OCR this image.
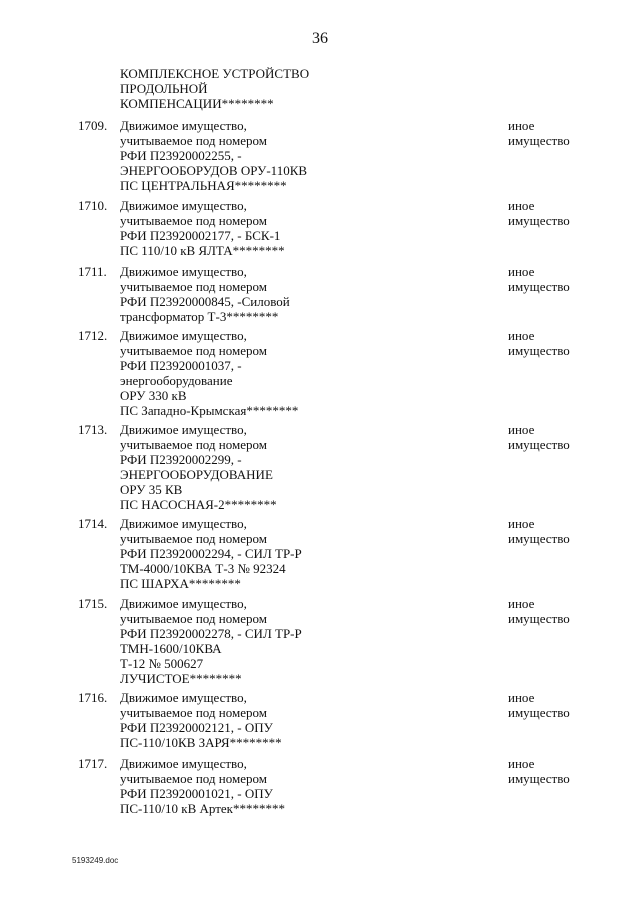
36
КОМПЛЕКСНОЕ УСТРОЙСТВО
ПРОДОЛЬНОЙ
КОМПЕНСАЦИИ********
1709. Движимое имущество,
учитываемое под номером
РФИ П23920002255, -
ЭНЕРГООБОРУДОВ ОРУ-110КВ
ПС ЦЕНТРАЛЬНАЯ********
иное
имущество
1710. Движимое имущество,
учитываемое под номером
РФИ П23920002177, - БСК-1
ПС 110/10 кВ ЯЛТА********
иное
имущество
1711. Движимое имущество,
учитываемое под номером
РФИ П23920000845, -Силовой
трансформатор Т-3********
иное
имущество
1712. Движимое имущество,
учитываемое под номером
РФИ П23920001037, -
энергооборудование
ОРУ 330 кВ
ПС Западно-Крымская********
иное
имущество
1713. Движимое имущество,
учитываемое под номером
РФИ П23920002299, -
ЭНЕРГООБОРУДОВАНИЕ
ОРУ 35 КВ
ПС НАСОСНАЯ-2********
иное
имущество
1714. Движимое имущество,
учитываемое под номером
РФИ П23920002294, - СИЛ ТР-Р
ТМ-4000/10КВА Т-3 № 92324
ПС ШАРХА********
иное
имущество
1715. Движимое имущество,
учитываемое под номером
РФИ П23920002278, - СИЛ ТР-Р
ТМН-1600/10КВА
Т-12 № 500627
ЛУЧИСТОЕ********
иное
имущество
1716. Движимое имущество,
учитываемое под номером
РФИ П23920002121, - ОПУ
ПС-110/10КВ ЗАРЯ********
иное
имущество
1717. Движимое имущество,
учитываемое под номером
РФИ П23920001021, - ОПУ
ПС-110/10 кВ Артек********
иное
имущество
5193249.doc
